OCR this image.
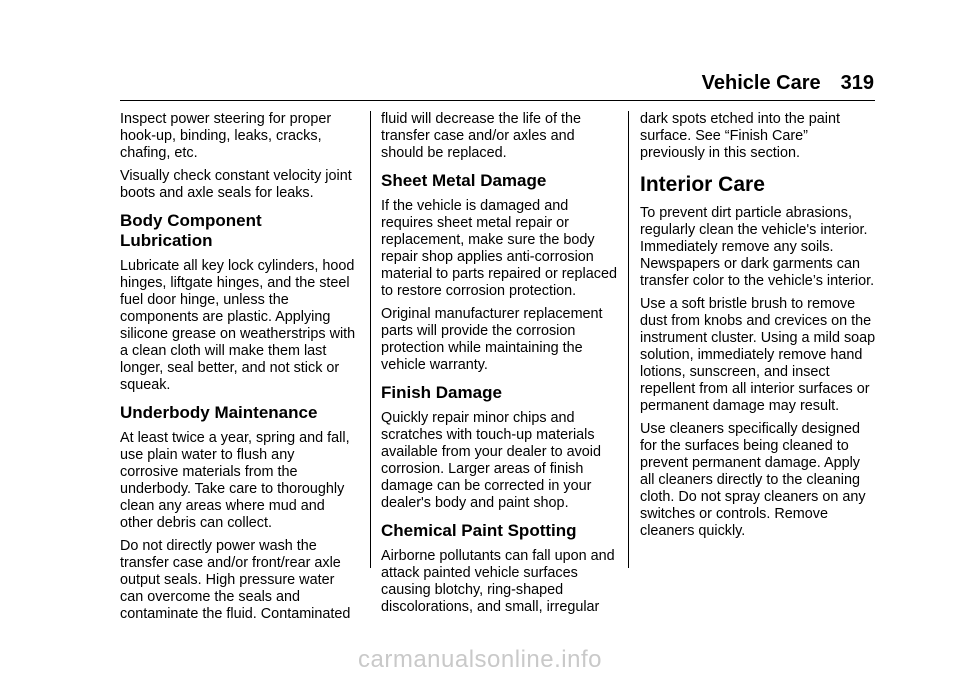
Vehicle Care 319

Inspect power steering for proper hook-up, binding, leaks, cracks, chafing, etc.

Visually check constant velocity joint boots and axle seals for leaks.

Body Component Lubrication

Lubricate all key lock cylinders, hood hinges, liftgate hinges, and the steel fuel door hinge, unless the components are plastic. Applying silicone grease on weatherstrips with a clean cloth will make them last longer, seal better, and not stick or squeak.

Underbody Maintenance

At least twice a year, spring and fall, use plain water to flush any corrosive materials from the underbody. Take care to thoroughly clean any areas where mud and other debris can collect.

Do not directly power wash the transfer case and/or front/rear axle output seals. High pressure water can overcome the seals and contaminate the fluid. Contaminated

fluid will decrease the life of the transfer case and/or axles and should be replaced.

Sheet Metal Damage

If the vehicle is damaged and requires sheet metal repair or replacement, make sure the body repair shop applies anti-corrosion material to parts repaired or replaced to restore corrosion protection.

Original manufacturer replacement parts will provide the corrosion protection while maintaining the vehicle warranty.

Finish Damage

Quickly repair minor chips and scratches with touch-up materials available from your dealer to avoid corrosion. Larger areas of finish damage can be corrected in your dealer's body and paint shop.

Chemical Paint Spotting

Airborne pollutants can fall upon and attack painted vehicle surfaces causing blotchy, ring-shaped discolorations, and small, irregular

dark spots etched into the paint surface. See “Finish Care” previously in this section.

Interior Care

To prevent dirt particle abrasions, regularly clean the vehicle's interior. Immediately remove any soils. Newspapers or dark garments can transfer color to the vehicle’s interior.

Use a soft bristle brush to remove dust from knobs and crevices on the instrument cluster. Using a mild soap solution, immediately remove hand lotions, sunscreen, and insect repellent from all interior surfaces or permanent damage may result.

Use cleaners specifically designed for the surfaces being cleaned to prevent permanent damage. Apply all cleaners directly to the cleaning cloth. Do not spray cleaners on any switches or controls. Remove cleaners quickly.

carmanualsonline.info
